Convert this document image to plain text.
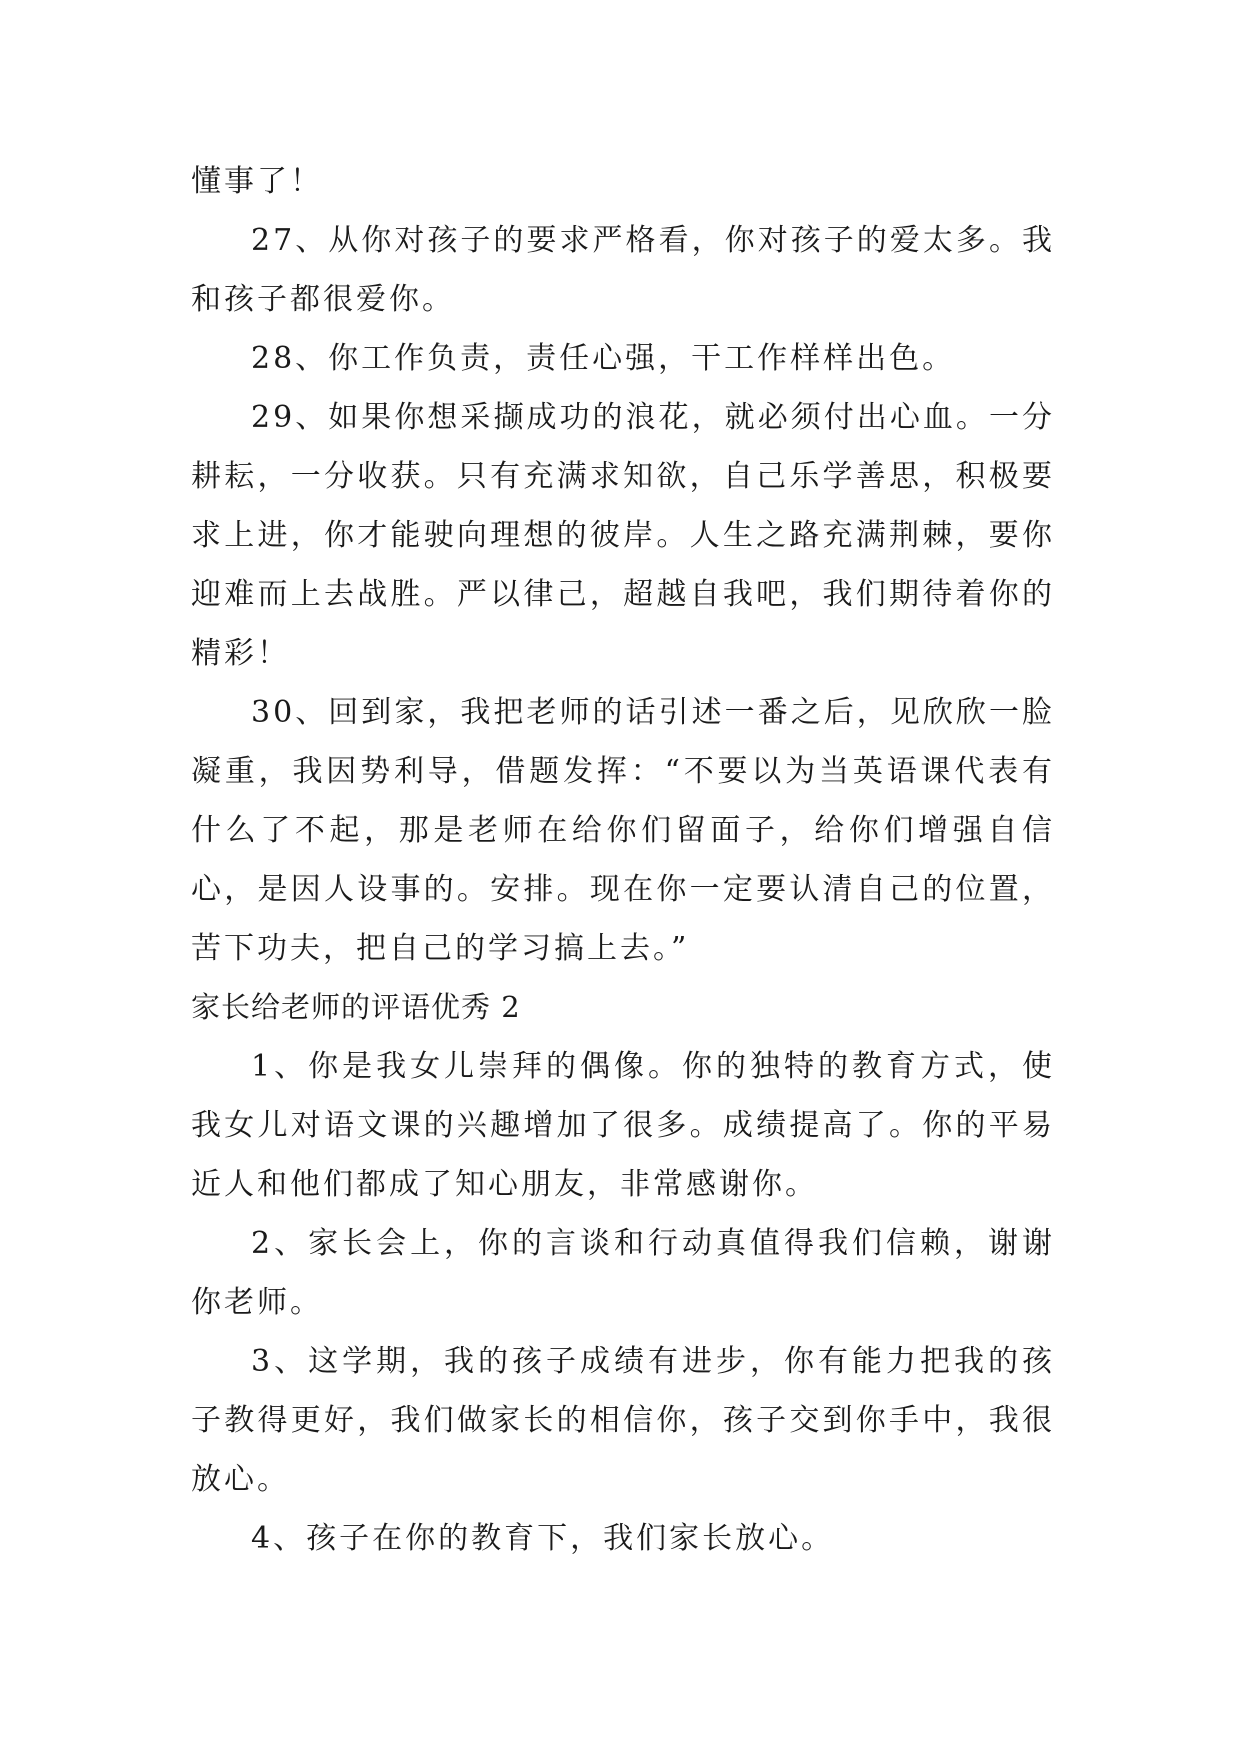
懂事了！

27、从你对孩子的要求严格看，你对孩子的爱太多。我和孩子都很爱你。

28、你工作负责，责任心强，干工作样样出色。

29、如果你想采撷成功的浪花，就必须付出心血。一分耕耘，一分收获。只有充满求知欲，自己乐学善思，积极要求上进，你才能驶向理想的彼岸。人生之路充满荆棘，要你迎难而上去战胜。严以律己，超越自我吧，我们期待着你的精彩！

30、回到家，我把老师的话引述一番之后，见欣欣一脸凝重，我因势利导，借题发挥：“不要以为当英语课代表有什么了不起，那是老师在给你们留面子，给你们增强自信心，是因人设事的。安排。现在你一定要认清自己的位置，苦下功夫，把自己的学习搞上去。”

家长给老师的评语优秀 2

1、你是我女儿崇拜的偶像。你的独特的教育方式，使我女儿对语文课的兴趣增加了很多。成绩提高了。你的平易近人和他们都成了知心朋友，非常感谢你。

2、家长会上，你的言谈和行动真值得我们信赖，谢谢你老师。

3、这学期，我的孩子成绩有进步，你有能力把我的孩子教得更好，我们做家长的相信你，孩子交到你手中，我很放心。

4、孩子在你的教育下，我们家长放心。
